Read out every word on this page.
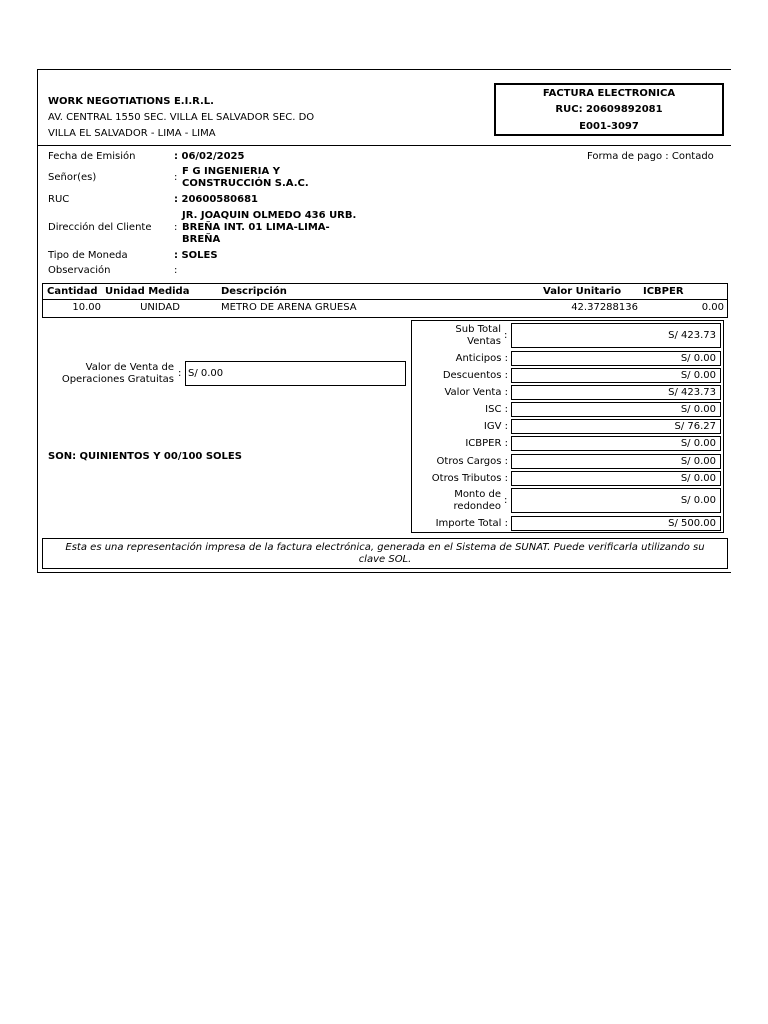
WORK NEGOTIATIONS E.I.R.L.
AV. CENTRAL 1550 SEC. VILLA EL SALVADOR SEC. DO
VILLA EL SALVADOR - LIMA - LIMA
FACTURA ELECTRONICA
RUC: 20609892081
E001-3097
Fecha de Emisión	: 06/02/2025	Forma de pago : Contado
Señor(es)	:
F G INGENIERIA Y
CONSTRUCCIÓN S.A.C.
RUC	: 20600580681
Dirección del Cliente :
JR. JOAQUIN OLMEDO 436 URB.
BREÑA INT. 01 LIMA-LIMA-
BREÑA
Tipo de Moneda	: SOLES
Observación	:
Cantidad Unidad Medida	Descripción	Valor Unitario ICBPER
10.00	UNIDAD	METRO DE ARENA GRUESA	42.37288136	0.00
Valor de Venta de
Operaciones Gratuitas
: S/ 0.00
SON: QUINIENTOS Y 00/100 SOLES
Sub Total
Ventas
:	S/ 423.73
Anticipos :	S/ 0.00
Descuentos :	S/ 0.00
Valor Venta :	S/ 423.73
ISC :	S/ 0.00
IGV :	S/ 76.27
ICBPER :	S/ 0.00
Otros Cargos :	S/ 0.00
Otros Tributos :	S/ 0.00
Monto de
redondeo
:	S/ 0.00
Importe Total :	S/ 500.00
Esta es una representación impresa de la factura electrónica, generada en el Sistema de SUNAT. Puede verificarla utilizando su
clave SOL.
